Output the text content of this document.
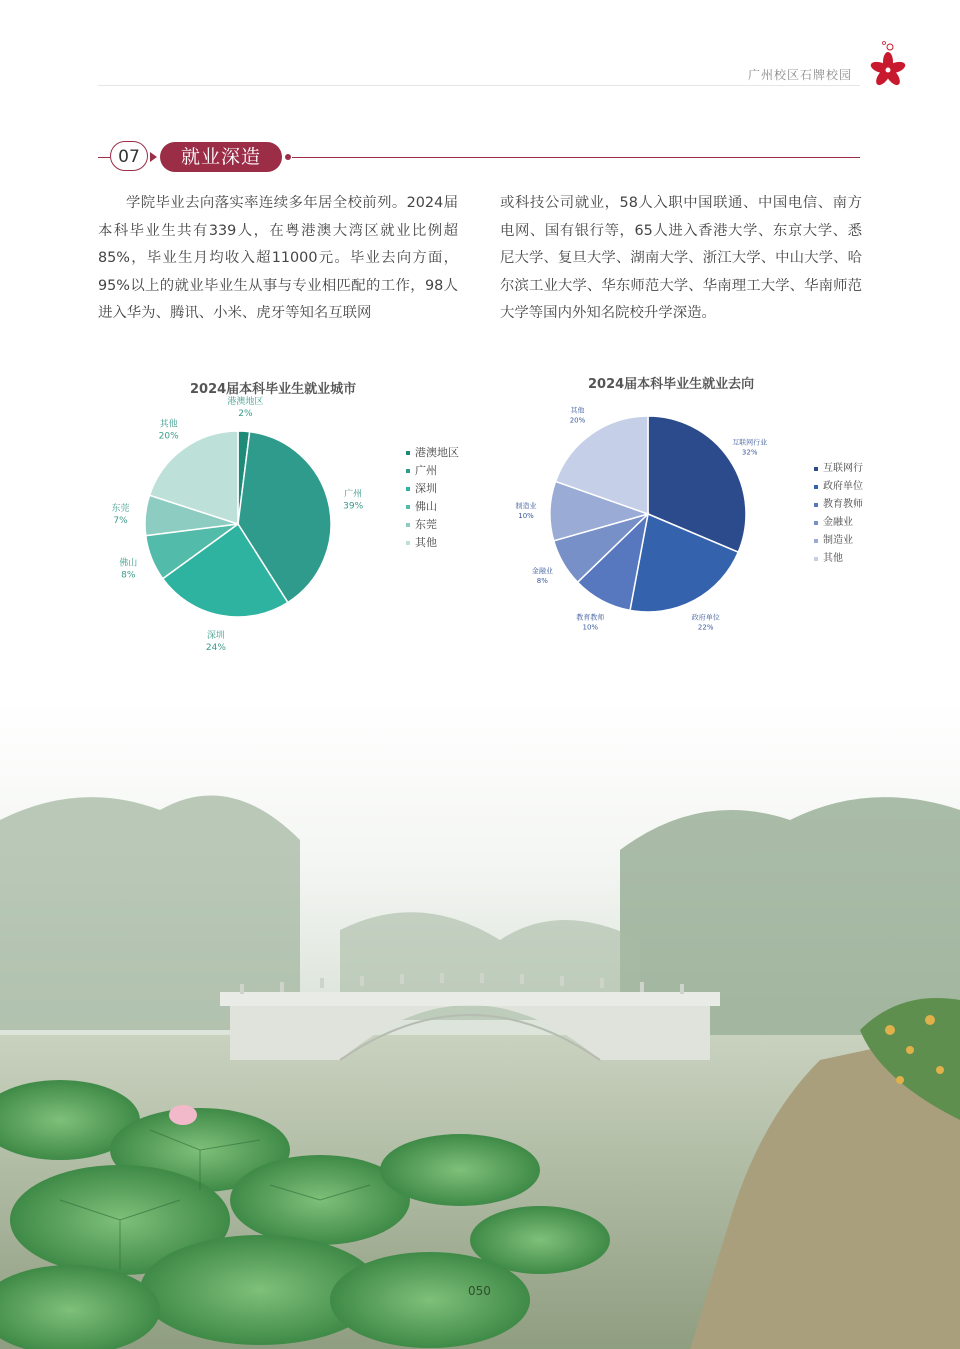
广州校区石牌校园
07	就业深造
学院毕业去向落实率连续多年居全校前列。2024届本科毕业生共有339人，在粤港澳大湾区就业比例超85%，毕业生月均收入超11000元。毕业去向方面，95%以上的就业毕业生从事与专业相匹配的工作，98人进入华为、腾讯、小米、虎牙等知名互联网
或科技公司就业，58人入职中国联通、中国电信、南方电网、国有银行等，65人进入香港大学、东京大学、悉尼大学、复旦大学、湖南大学、浙江大学、中山大学、哈尔滨工业大学、华东师范大学、华南理工大学、华南师范大学等国内外知名院校升学深造。
2024届本科毕业生就业城市	2024届本科毕业生就业去向
港澳地区
2%
广州
39%
深圳
24%
佛山
8%
东莞
7%
其他
20%
互联网行业
32%
政府单位
22%
教育教师
10%
金融业
8%
制造业
10%
其他
20%
港澳地区
广州
深圳
佛山
东莞
其他
互联网行
政府单位
教育教师
金融业
制造业
其他
050
